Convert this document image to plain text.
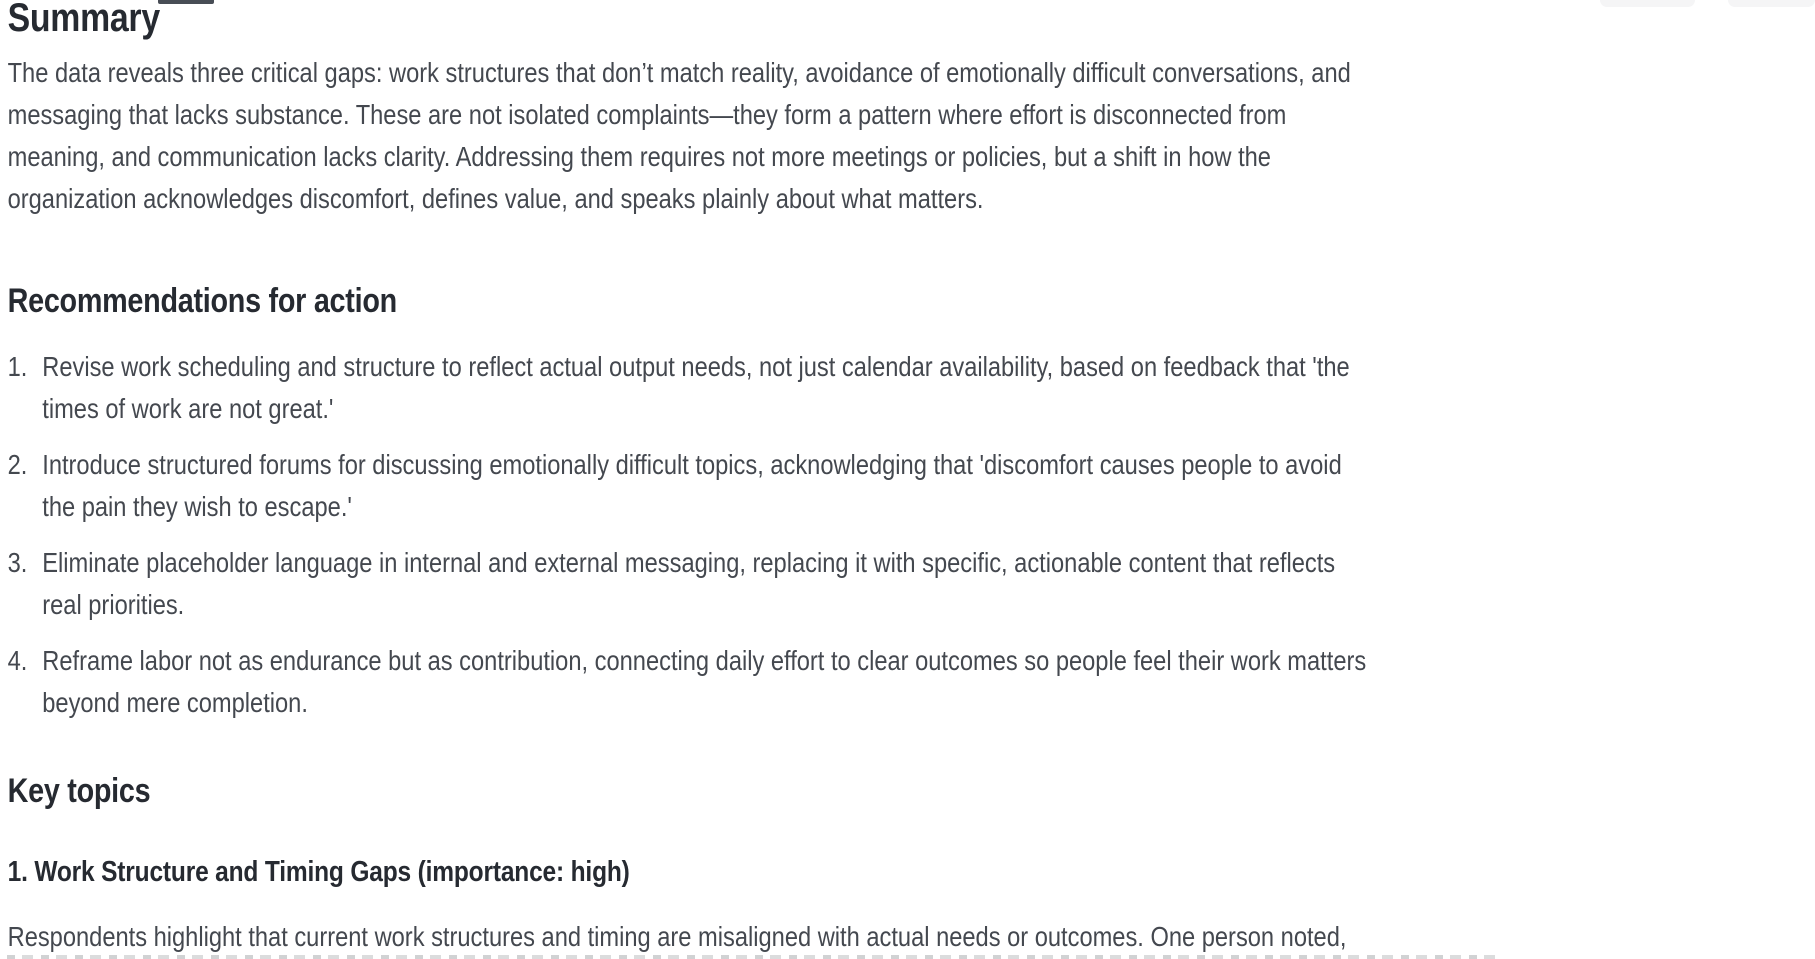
Summary
The data reveals three critical gaps: work structures that don’t match reality, avoidance of emotionally difficult conversations, and
messaging that lacks substance. These are not isolated complaints—they form a pattern where effort is disconnected from
meaning, and communication lacks clarity. Addressing them requires not more meetings or policies, but a shift in how the
organization acknowledges discomfort, defines value, and speaks plainly about what matters.
Recommendations for action
1. Revise work scheduling and structure to reflect actual output needs, not just calendar availability, based on feedback that 'the
times of work are not great.'
2. Introduce structured forums for discussing emotionally difficult topics, acknowledging that 'discomfort causes people to avoid
the pain they wish to escape.'
3. Eliminate placeholder language in internal and external messaging, replacing it with specific, actionable content that reflects
real priorities.
4. Reframe labor not as endurance but as contribution, connecting daily effort to clear outcomes so people feel their work matters
beyond mere completion.
Key topics
1. Work Structure and Timing Gaps (importance: high)
Respondents highlight that current work structures and timing are misaligned with actual needs or outcomes. One person noted,
